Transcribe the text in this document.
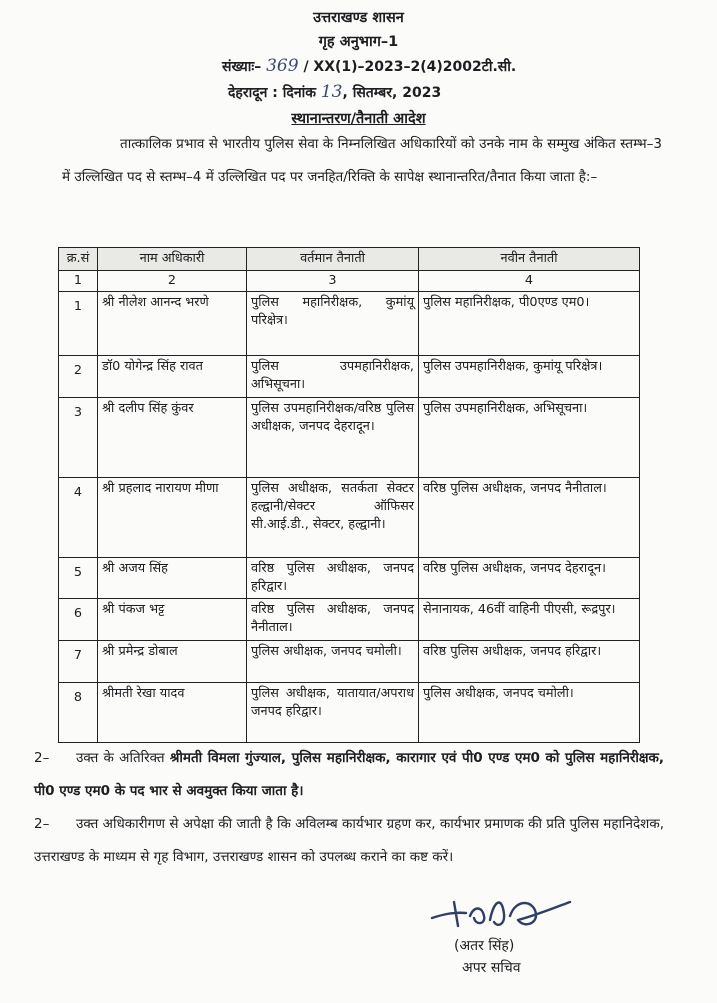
उत्तराखण्ड शासन
गृह अनुभाग–1
संख्याः– 369 / XX(1)–2023–2(4)2002टी.सी.
देहरादून : दिनांक 13, सितम्बर, 2023
स्थानान्तरण/तैनाती आदेश
तात्कालिक प्रभाव से भारतीय पुलिस सेवा के निम्नलिखित अधिकारियों को उनके नाम के सम्मुख अंकित स्तम्भ–3 में उल्लिखित पद से स्तम्भ–4 में उल्लिखित पद पर जनहित/रिक्ति के सापेक्ष स्थानान्तरित/तैनात किया जाता है:–
क्र.सं	नाम अधिकारी	वर्तमान तैनाती	नवीन तैनाती
1	2	3	4
1	श्री नीलेश आनन्द भरणे	पुलिस महानिरीक्षक, कुमांयू परिक्षेत्र।	पुलिस महानिरीक्षक, पी0एण्ड एम0।
2	डॉ0 योगेन्द्र सिंह रावत	पुलिस उपमहानिरीक्षक, अभिसूचना।	पुलिस उपमहानिरीक्षक, कुमांयू परिक्षेत्र।
3	श्री दलीप सिंह कुंवर	पुलिस उपमहानिरीक्षक/वरिष्ठ पुलिस अधीक्षक, जनपद देहरादून।	पुलिस उपमहानिरीक्षक, अभिसूचना।
4	श्री प्रहलाद नारायण मीणा	पुलिस अधीक्षक, सतर्कता सेक्टर हल्द्वानी/सेक्टर ऑफिसर सी.आई.डी., सेक्टर, हल्द्वानी।	वरिष्ठ पुलिस अधीक्षक, जनपद नैनीताल।
5	श्री अजय सिंह	वरिष्ठ पुलिस अधीक्षक, जनपद हरिद्वार।	वरिष्ठ पुलिस अधीक्षक, जनपद देहरादून।
6	श्री पंकज भट्ट	वरिष्ठ पुलिस अधीक्षक, जनपद नैनीताल।	सेनानायक, 46वीं वाहिनी पीएसी, रूद्रपुर।
7	श्री प्रमेन्द्र डोबाल	पुलिस अधीक्षक, जनपद चमोली।	वरिष्ठ पुलिस अधीक्षक, जनपद हरिद्वार।
8	श्रीमती रेखा यादव	पुलिस अधीक्षक, यातायात/अपराध जनपद हरिद्वार।	पुलिस अधीक्षक, जनपद चमोली।
2– उक्त के अतिरिक्त श्रीमती विमला गुंज्याल, पुलिस महानिरीक्षक, कारागार एवं पी0 एण्ड एम0 को पुलिस महानिरीक्षक, पी0 एण्ड एम0 के पद भार से अवमुक्त किया जाता है।
2– उक्त अधिकारीगण से अपेक्षा की जाती है कि अविलम्ब कार्यभार ग्रहण कर, कार्यभार प्रमाणक की प्रति पुलिस महानिदेशक, उत्तराखण्ड के माध्यम से गृह विभाग, उत्तराखण्ड शासन को उपलब्ध कराने का कष्ट करें।
(अतर सिंह)
अपर सचिव
